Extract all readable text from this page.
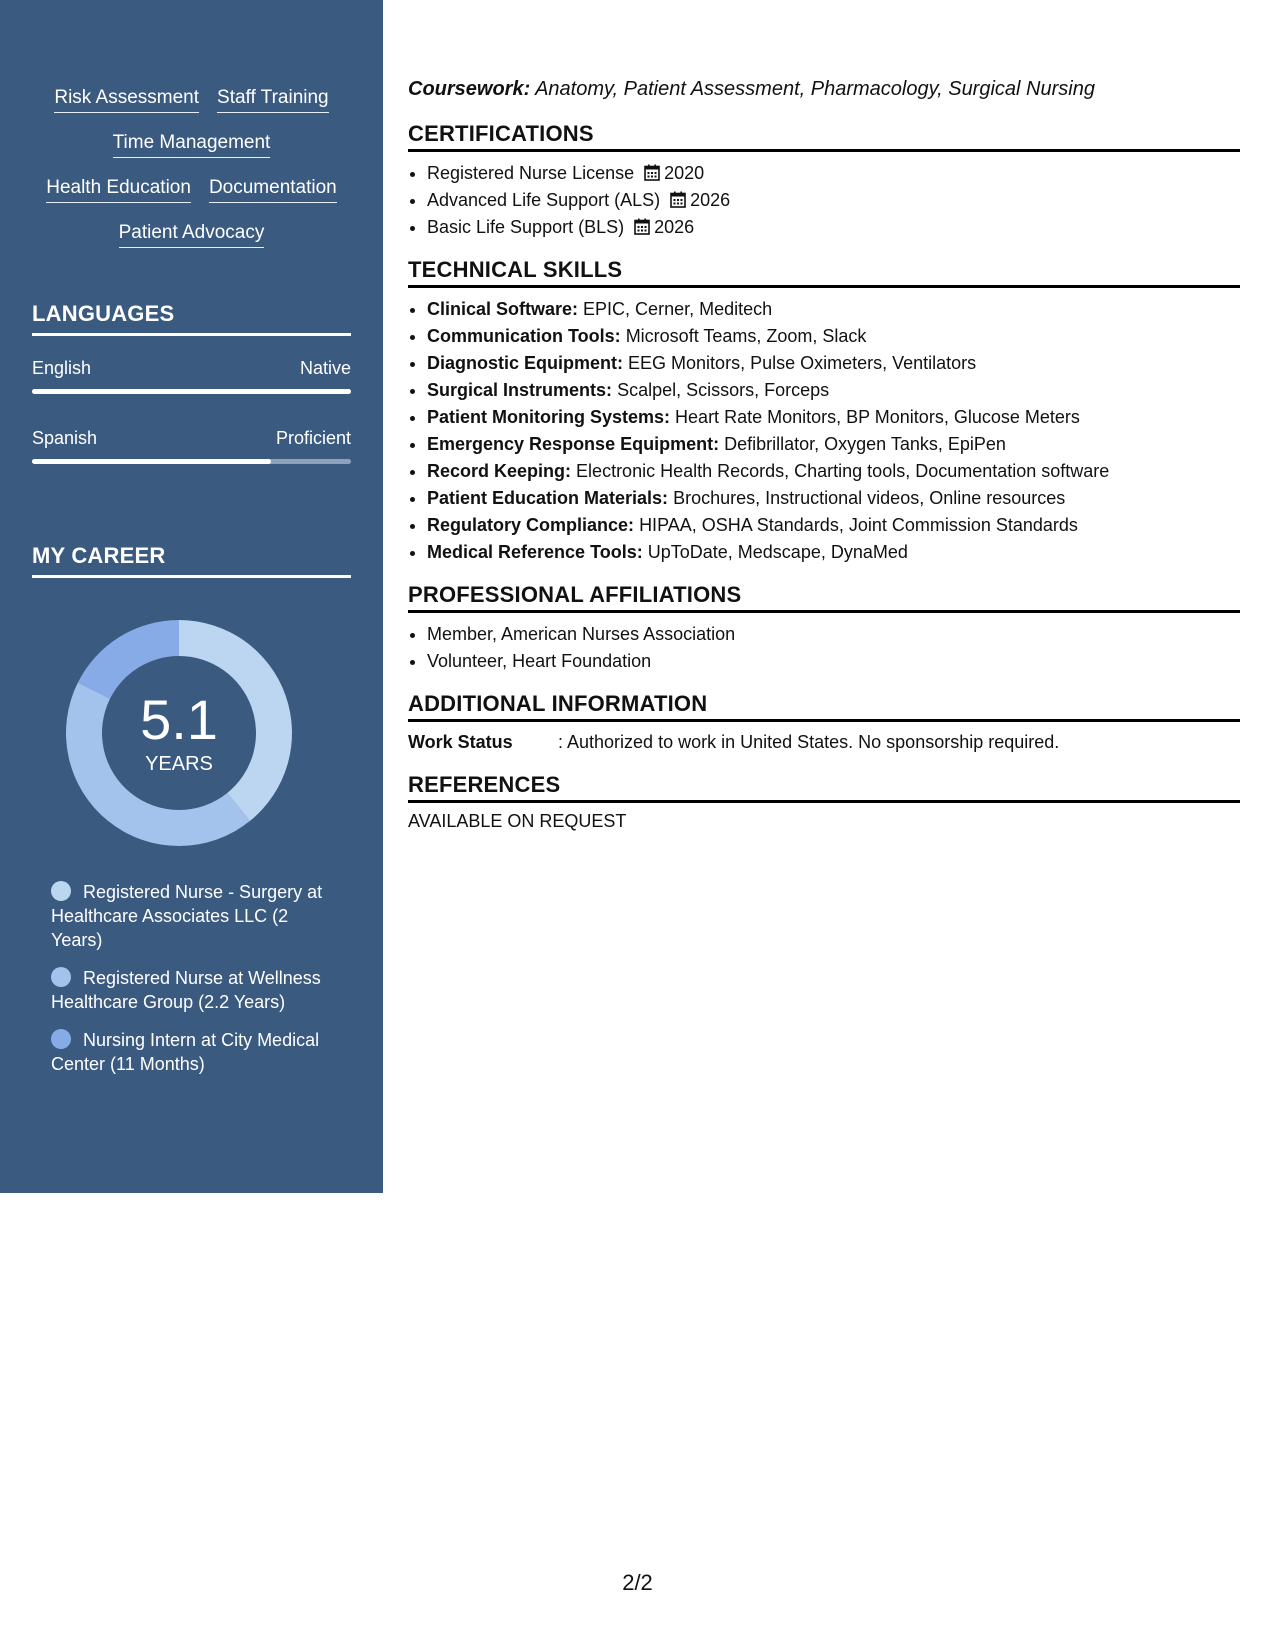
Risk Assessment Staff Training
Time Management
Health Education Documentation
Patient Advocacy
LANGUAGES
English	Native
Spanish	Proficient
MY CAREER
5.1
YEARS
Registered Nurse - Surgery at Healthcare Associates LLC (2 Years)
Registered Nurse at Wellness Healthcare Group (2.2 Years)
Nursing Intern at City Medical Center (11 Months)
Coursework: Anatomy, Patient Assessment, Pharmacology, Surgical Nursing
CERTIFICATIONS
• Registered Nurse License 2020
• Advanced Life Support (ALS) 2026
• Basic Life Support (BLS) 2026
TECHNICAL SKILLS
• Clinical Software: EPIC, Cerner, Meditech
• Communication Tools: Microsoft Teams, Zoom, Slack
• Diagnostic Equipment: EEG Monitors, Pulse Oximeters, Ventilators
• Surgical Instruments: Scalpel, Scissors, Forceps
• Patient Monitoring Systems: Heart Rate Monitors, BP Monitors, Glucose Meters
• Emergency Response Equipment: Defibrillator, Oxygen Tanks, EpiPen
• Record Keeping: Electronic Health Records, Charting tools, Documentation software
• Patient Education Materials: Brochures, Instructional videos, Online resources
• Regulatory Compliance: HIPAA, OSHA Standards, Joint Commission Standards
• Medical Reference Tools: UpToDate, Medscape, DynaMed
PROFESSIONAL AFFILIATIONS
• Member, American Nurses Association
• Volunteer, Heart Foundation
ADDITIONAL INFORMATION
Work Status	: Authorized to work in United States. No sponsorship required.
REFERENCES
AVAILABLE ON REQUEST
2/2
